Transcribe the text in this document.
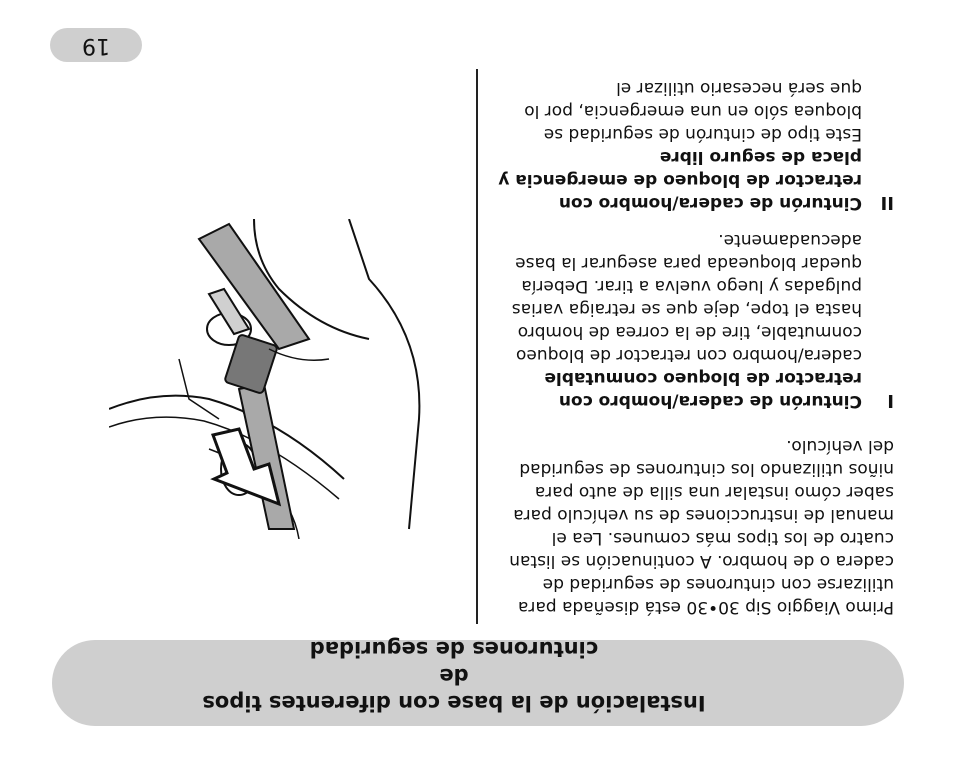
Instalación de la base con diferentes tipos de
cinturones de seguridad

Primo Viaggio Sip 30•30 está diseñada para utilizarse con cinturones de seguridad de cadera o de hombro. A continuación se listan cuatro de los tipos más comunes. Lea el manual de instrucciones de su vehículo para saber cómo instalar una silla de auto para niños utilizando los cinturones de seguridad del vehículo.

I

Cinturón de cadera/hombro con retractor de bloqueo conmutable

cadera/hombro con retractor de bloqueo conmutable, tire de la correa de hombro hasta el tope, deje que se retraiga varias pulgadas y luego vuelva a tirar. Debería quedar bloqueada para asegurar la base adecuadamente.

II

Cinturón de cadera/hombro con retractor de bloqueo de emergencia y placa de seguro libre

Este tipo de cinturón de seguridad se bloquea sólo en una emergencia, por lo que será necesario utilizar el

19
